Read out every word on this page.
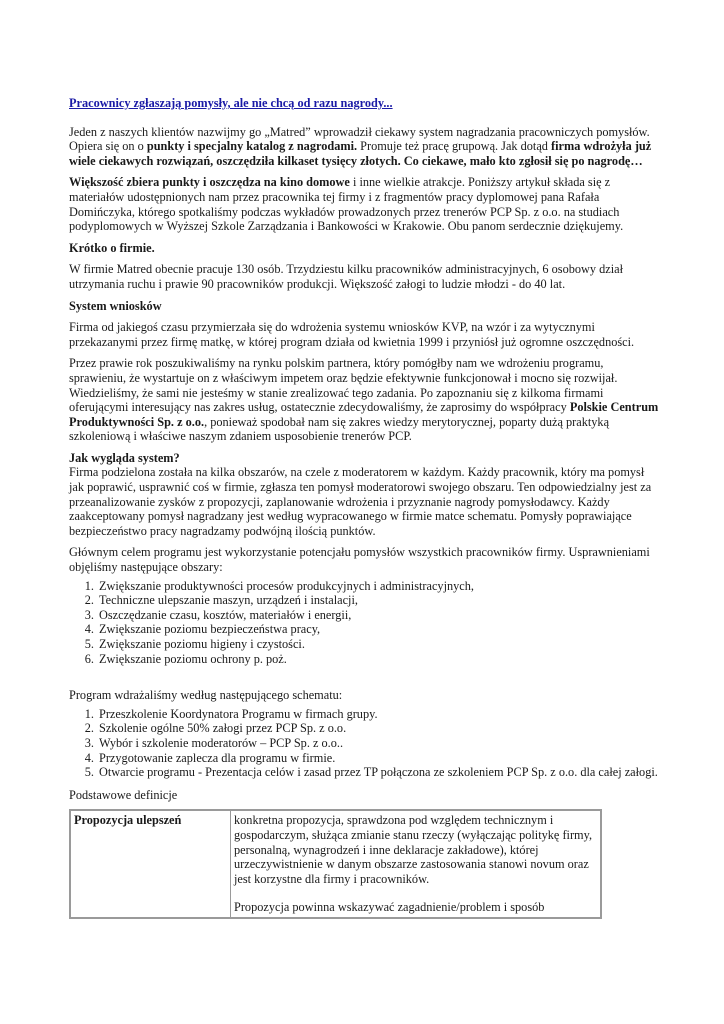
Pracownicy zgłaszają pomysły, ale nie chcą od razu nagrody...

Jeden z naszych klientów nazwijmy go „Matred” wprowadził ciekawy system nagradzania pracowniczych pomysłów. Opiera się on o punkty i specjalny katalog z nagrodami. Promuje też pracę grupową. Jak dotąd firma wdrożyła już wiele ciekawych rozwiązań, oszczędziła kilkaset tysięcy złotych. Co ciekawe, mało kto zgłosił się po nagrodę…

Większość zbiera punkty i oszczędza na kino domowe i inne wielkie atrakcje. Poniższy artykuł składa się z materiałów udostępnionych nam przez pracownika tej firmy i z fragmentów pracy dyplomowej pana Rafała Domińczyka, którego spotkaliśmy podczas wykładów prowadzonych przez trenerów PCP Sp. z o.o. na studiach podyplomowych w Wyższej Szkole Zarządzania i Bankowości w Krakowie. Obu panom serdecznie dziękujemy.

Krótko o firmie.

W firmie Matred obecnie pracuje 130 osób. Trzydziestu kilku pracowników administracyjnych, 6 osobowy dział utrzymania ruchu i prawie 90 pracowników produkcji. Większość załogi to ludzie młodzi - do 40 lat.

System wniosków

Firma od jakiegoś czasu przymierzała się do wdrożenia systemu wniosków KVP, na wzór i za wytycznymi przekazanymi przez firmę matkę, w której program działa od kwietnia 1999 i przyniósł już ogromne oszczędności.

Przez prawie rok poszukiwaliśmy na rynku polskim partnera, który pomógłby nam we wdrożeniu programu, sprawieniu, że wystartuje on z właściwym impetem oraz będzie efektywnie funkcjonował i mocno się rozwijał. Wiedzieliśmy, że sami nie jesteśmy w stanie zrealizować tego zadania. Po zapoznaniu się z kilkoma firmami oferującymi interesujący nas zakres usług, ostatecznie zdecydowaliśmy, że zaprosimy do współpracy Polskie Centrum Produktywności Sp. z o.o., ponieważ spodobał nam się zakres wiedzy merytorycznej, poparty dużą praktyką szkoleniową i właściwe naszym zdaniem usposobienie trenerów PCP.

Jak wygląda system?

Firma podzielona została na kilka obszarów, na czele z moderatorem w każdym. Każdy pracownik, który ma pomysł jak poprawić, usprawnić coś w firmie, zgłasza ten pomysł moderatorowi swojego obszaru. Ten odpowiedzialny jest za przeanalizowanie zysków z propozycji, zaplanowanie wdrożenia i przyznanie nagrody pomysłodawcy. Każdy zaakceptowany pomysł nagradzany jest według wypracowanego w firmie matce schematu. Pomysły poprawiające bezpieczeństwo pracy nagradzamy podwójną ilością punktów.

Głównym celem programu jest wykorzystanie potencjału pomysłów wszystkich pracowników firmy. Usprawnieniami objęliśmy następujące obszary:

1. Zwiększanie produktywności procesów produkcyjnych i administracyjnych,
2. Techniczne ulepszanie maszyn, urządzeń i instalacji,
3. Oszczędzanie czasu, kosztów, materiałów i energii,
4. Zwiększanie poziomu bezpieczeństwa pracy,
5. Zwiększanie poziomu higieny i czystości.
6. Zwiększanie poziomu ochrony p. poż.

Program wdrażaliśmy według następującego schematu:

1. Przeszkolenie Koordynatora Programu w firmach grupy.
2. Szkolenie ogólne 50% załogi przez PCP Sp. z o.o.
3. Wybór i szkolenie moderatorów – PCP Sp. z o.o..
4. Przygotowanie zaplecza dla programu w firmie.
5. Otwarcie programu - Prezentacja celów i zasad przez TP połączona ze szkoleniem PCP Sp. z o.o. dla całej załogi.

Podstawowe definicje

Propozycja ulepszeń	konkretna propozycja, sprawdzona pod względem technicznym i gospodarczym, służąca zmianie stanu rzeczy (wyłączając politykę firmy, personalną, wynagrodzeń i inne deklaracje zakładowe), której urzeczywistnienie w danym obszarze zastosowania stanowi novum oraz jest korzystne dla firmy i pracowników.
Propozycja powinna wskazywać zagadnienie/problem i sposób
